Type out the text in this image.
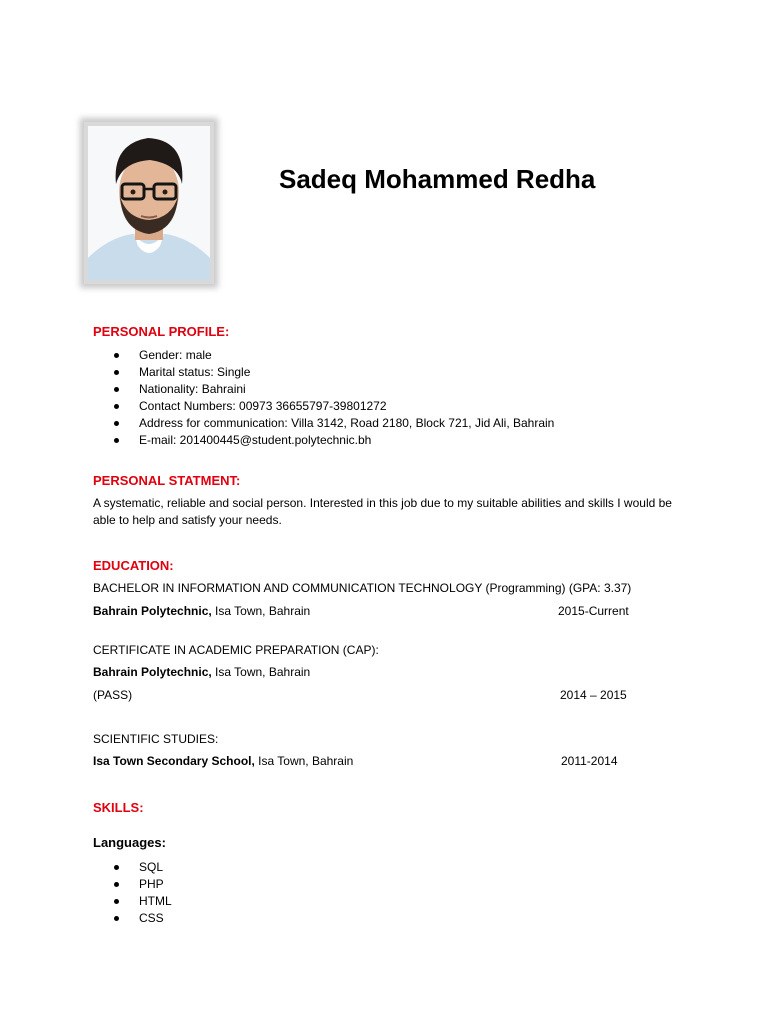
Sadeq Mohammed Redha
PERSONAL PROFILE:
Gender: male
Marital status: Single
Nationality: Bahraini
Contact Numbers: 00973 36655797-39801272
Address for communication: Villa 3142, Road 2180, Block 721, Jid Ali, Bahrain
E-mail: 201400445@student.polytechnic.bh
PERSONAL STATMENT:

A systematic, reliable and social person. Interested in this job due to my suitable abilities and skills I would be able to help and satisfy your needs.

EDUCATION:
BACHELOR IN INFORMATION AND COMMUNICATION TECHNOLOGY (Programming) (GPA: 3.37)
Bahrain Polytechnic, Isa Town, Bahrain	2015-Current
CERTIFICATE IN ACADEMIC PREPARATION (CAP):
Bahrain Polytechnic, Isa Town, Bahrain
(PASS)	2014 – 2015
SCIENTIFIC STUDIES:
Isa Town Secondary School, Isa Town, Bahrain	2011-2014
SKILLS:
Languages:
SQL
PHP
HTML
CSS
